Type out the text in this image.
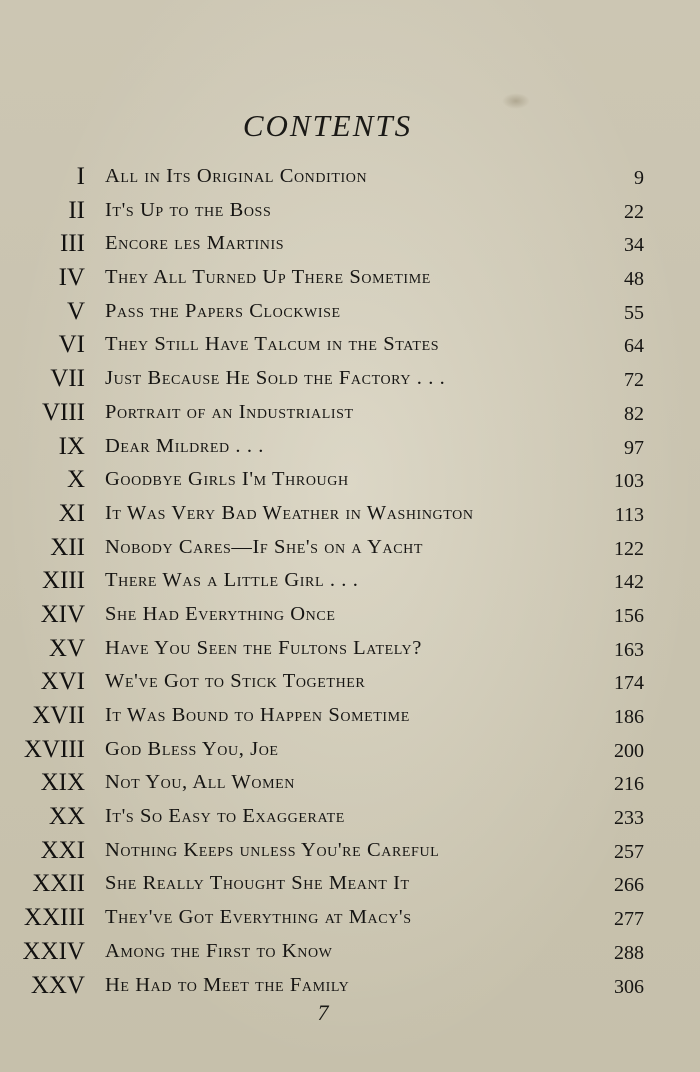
CONTENTS
I All in Its Original Condition	9
II It's Up to the Boss	22
III Encore les Martinis	34
IV They All Turned Up There Sometime	48
V Pass the Papers Clockwise	55
VI They Still Have Talcum in the States	64
VII Just Because He Sold the Factory . . .	72
VIII Portrait of an Industrialist	82
IX Dear Mildred . . .	97
X Goodbye Girls I'm Through	103
XI It Was Very Bad Weather in Washington	113
XII Nobody Cares—If She's on a Yacht	122
XIII There Was a Little Girl . . .	142
XIV She Had Everything Once	156
XV Have You Seen the Fultons Lately?	163
XVI We've Got to Stick Together	174
XVII It Was Bound to Happen Sometime	186
XVIII God Bless You, Joe	200
XIX Not You, All Women	216
XX It's So Easy to Exaggerate	233
XXI Nothing Keeps unless You're Careful	257
XXII She Really Thought She Meant It	266
XXIII They've Got Everything at Macy's	277
XXIV Among the First to Know	288
XXV He Had to Meet the Family	306
7
